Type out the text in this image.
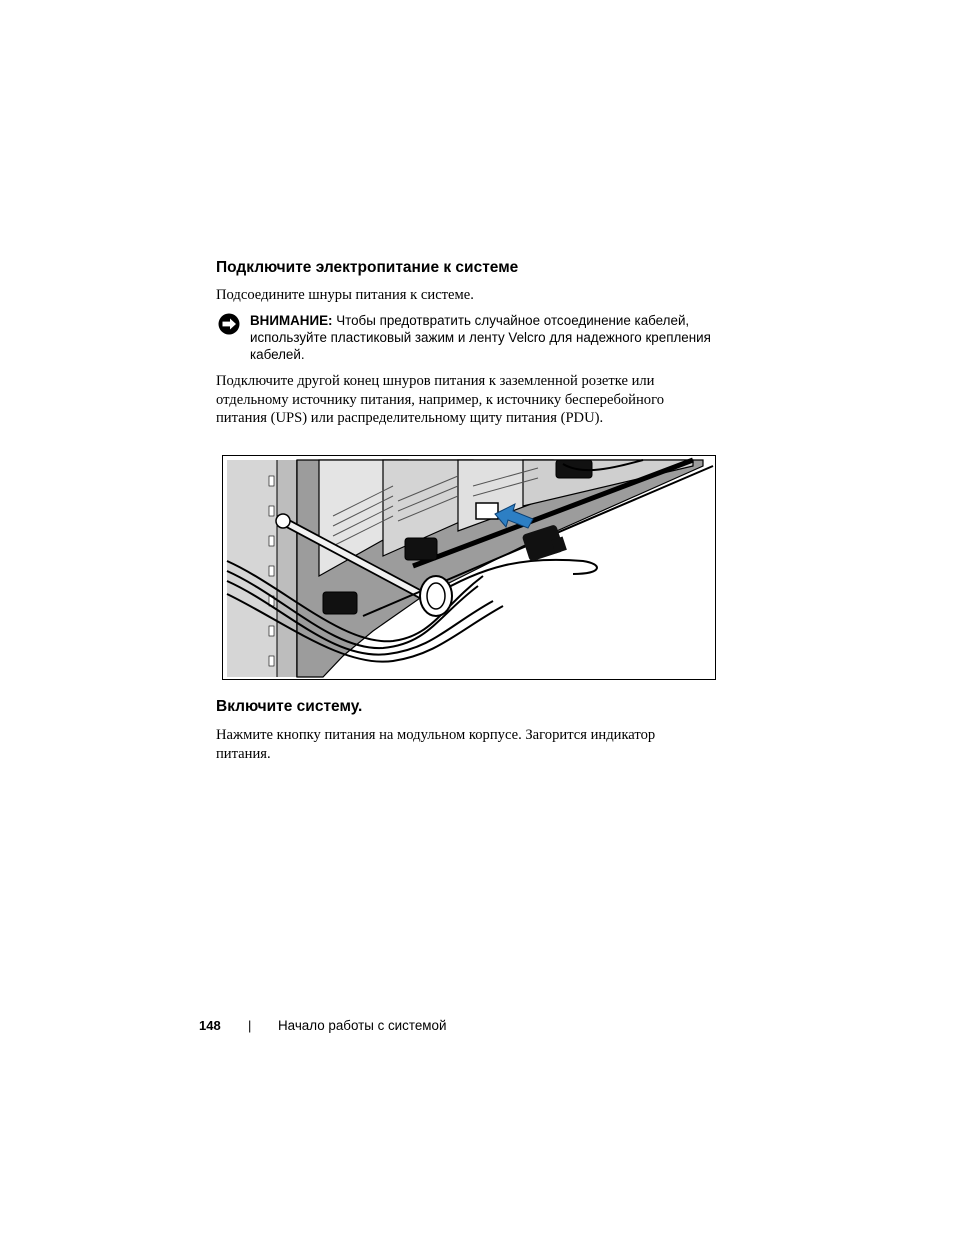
Подключите электропитание к системе

Подсоедините шнуры питания к системе.

ВНИМАНИЕ: Чтобы предотвратить случайное отсоединение кабелей, используйте пластиковый зажим и ленту Velcro для надежного крепления кабелей.

Подключите другой конец шнуров питания к заземленной розетке или отдельному источнику питания, например, к источнику бесперебойного питания (UPS) или распределительному щиту питания (PDU).

Включите систему.

Нажмите кнопку питания на модульном корпусе. Загорится индикатор питания.

148 | Начало работы с системой
